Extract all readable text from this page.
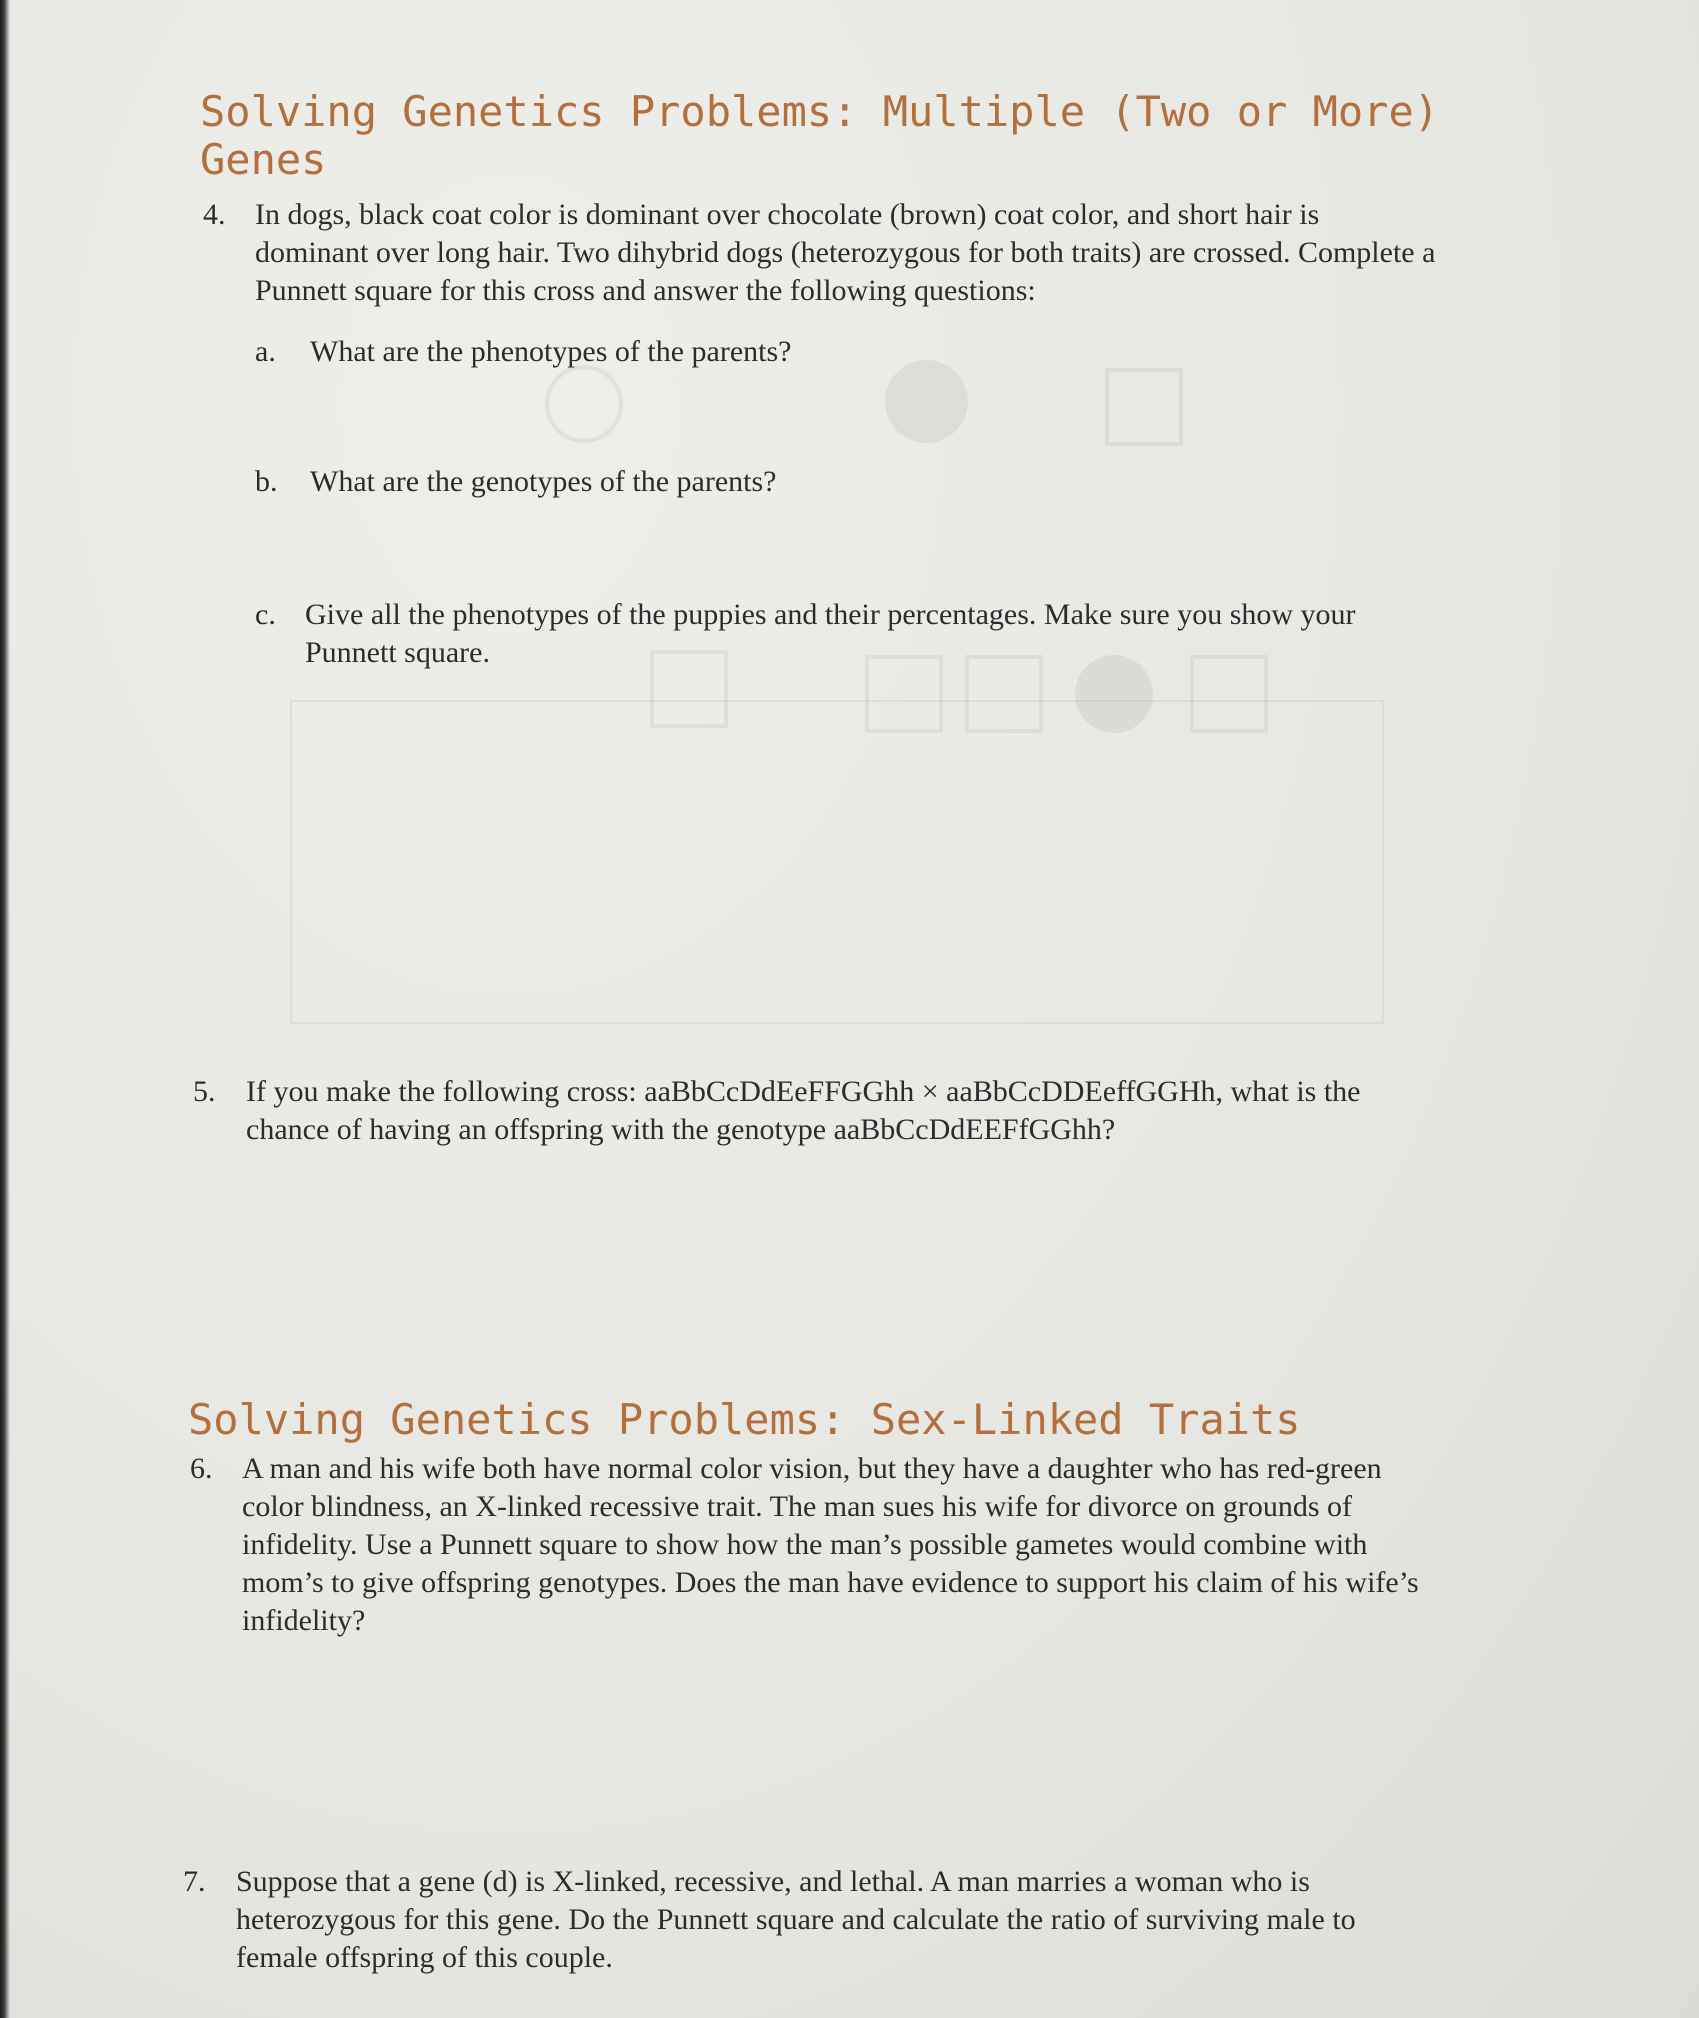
Solving Genetics Problems: Multiple (Two or More)
Genes
4. In dogs, black coat color is dominant over chocolate (brown) coat color, and short hair is dominant over long hair. Two dihybrid dogs (heterozygous for both traits) are crossed. Complete a Punnett square for this cross and answer the following questions:
a. What are the phenotypes of the parents?
b. What are the genotypes of the parents?
c. Give all the phenotypes of the puppies and their percentages. Make sure you show your Punnett square.
5. If you make the following cross: aaBbCcDdEeFFGGhh × aaBbCcDDEeffGGHh, what is the chance of having an offspring with the genotype aaBbCcDdEEFfGGhh?
Solving Genetics Problems: Sex-Linked Traits
6. A man and his wife both have normal color vision, but they have a daughter who has red-green color blindness, an X-linked recessive trait. The man sues his wife for divorce on grounds of infidelity. Use a Punnett square to show how the man’s possible gametes would combine with mom’s to give offspring genotypes. Does the man have evidence to support his claim of his wife’s infidelity?
7. Suppose that a gene (d) is X-linked, recessive, and lethal. A man marries a woman who is heterozygous for this gene. Do the Punnett square and calculate the ratio of surviving male to female offspring of this couple.
